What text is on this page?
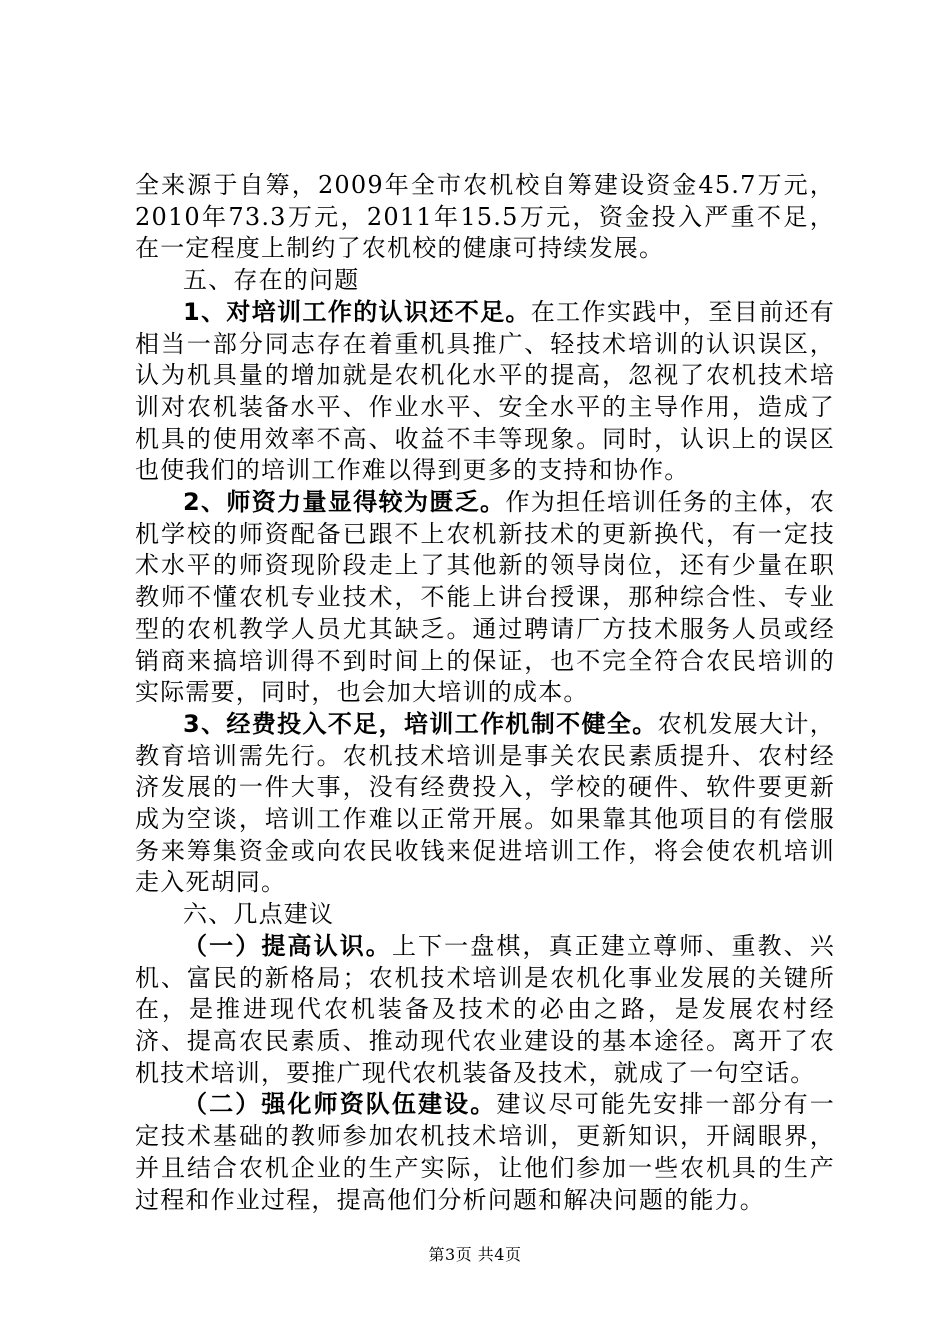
全来源于自筹，2009年全市农机校自筹建设资金45.7万元，2010年73.3万元，2011年15.5万元，资金投入严重不足，在一定程度上制约了农机校的健康可持续发展。

五、存在的问题

1、对培训工作的认识还不足。在工作实践中，至目前还有相当一部分同志存在着重机具推广、轻技术培训的认识误区，认为机具量的增加就是农机化水平的提高，忽视了农机技术培训对农机装备水平、作业水平、安全水平的主导作用，造成了机具的使用效率不高、收益不丰等现象。同时，认识上的误区也使我们的培训工作难以得到更多的支持和协作。

2、师资力量显得较为匮乏。作为担任培训任务的主体，农机学校的师资配备已跟不上农机新技术的更新换代，有一定技术水平的师资现阶段走上了其他新的领导岗位，还有少量在职教师不懂农机专业技术，不能上讲台授课，那种综合性、专业型的农机教学人员尤其缺乏。通过聘请厂方技术服务人员或经销商来搞培训得不到时间上的保证，也不完全符合农民培训的实际需要，同时，也会加大培训的成本。

3、经费投入不足，培训工作机制不健全。农机发展大计，教育培训需先行。农机技术培训是事关农民素质提升、农村经济发展的一件大事，没有经费投入，学校的硬件、软件要更新成为空谈，培训工作难以正常开展。如果靠其他项目的有偿服务来筹集资金或向农民收钱来促进培训工作，将会使农机培训走入死胡同。

六、几点建议

（一）提高认识。上下一盘棋，真正建立尊师、重教、兴机、富民的新格局；农机技术培训是农机化事业发展的关键所在，是推进现代农机装备及技术的必由之路，是发展农村经济、提高农民素质、推动现代农业建设的基本途径。离开了农机技术培训，要推广现代农机装备及技术，就成了一句空话。

（二）强化师资队伍建设。建议尽可能先安排一部分有一定技术基础的教师参加农机技术培训，更新知识，开阔眼界，并且结合农机企业的生产实际，让他们参加一些农机具的生产过程和作业过程，提高他们分析问题和解决问题的能力。

第3页 共4页
